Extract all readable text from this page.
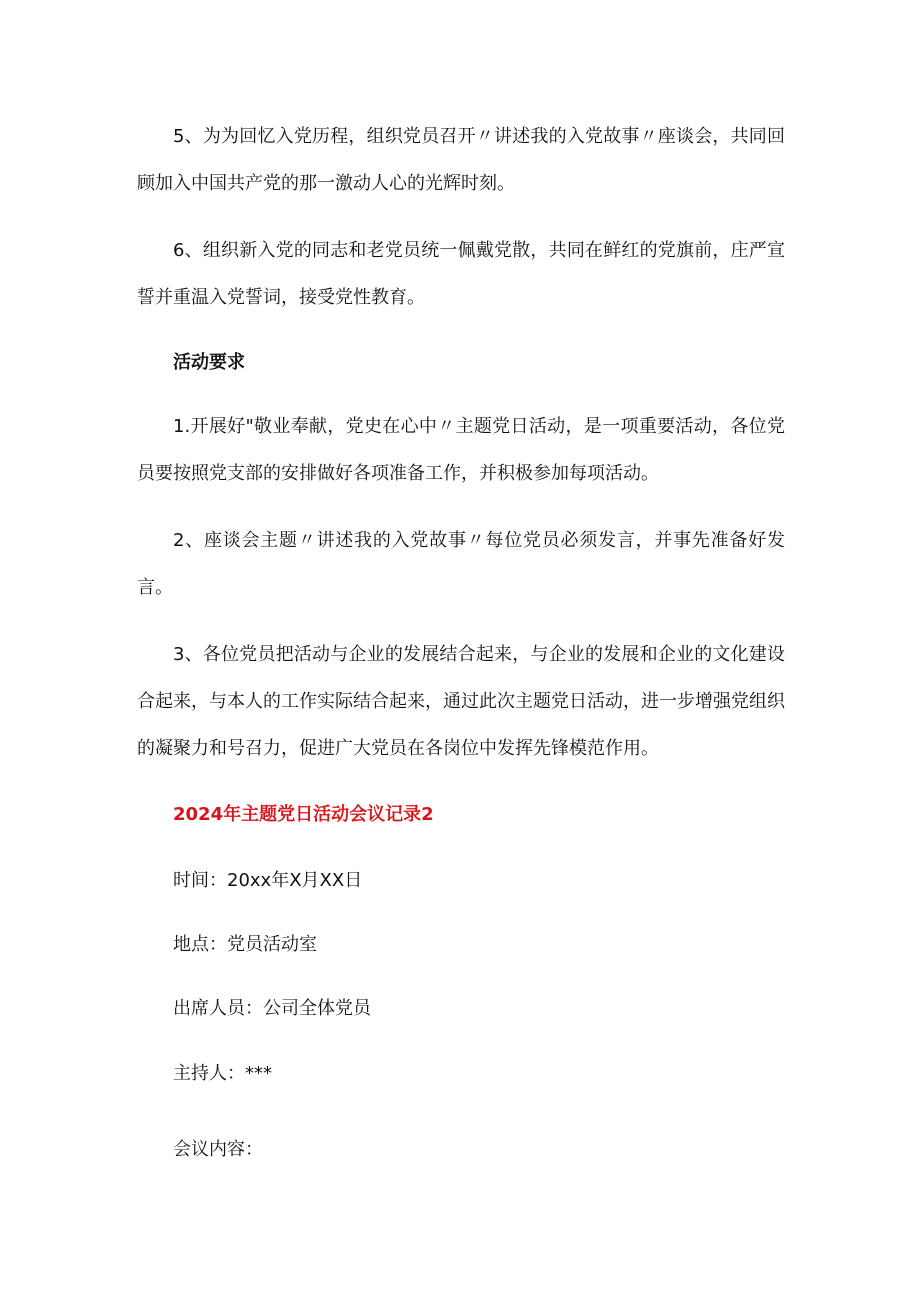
5、为为回忆入党历程，组织党员召开〃讲述我的入党故事〃座谈会，共同回顾加入中国共产党的那一激动人心的光辉时刻。

6、组织新入党的同志和老党员统一佩戴党散，共同在鲜红的党旗前，庄严宣誓并重温入党誓词，接受党性教育。

活动要求

1.开展好"敬业奉献，党史在心中〃主题党日活动，是一项重要活动，各位党员要按照党支部的安排做好各项准备工作，并积极参加每项活动。

2、座谈会主题〃讲述我的入党故事〃每位党员必须发言，并事先准备好发言。

3、各位党员把活动与企业的发展结合起来，与企业的发展和企业的文化建设合起来，与本人的工作实际结合起来，通过此次主题党日活动，进一步增强党组织的凝聚力和号召力，促进广大党员在各岗位中发挥先锋模范作用。

2024年主题党日活动会议记录2

时间：20xx年X月XX日

地点：党员活动室

出席人员：公司全体党员

主持人：***

会议内容：
